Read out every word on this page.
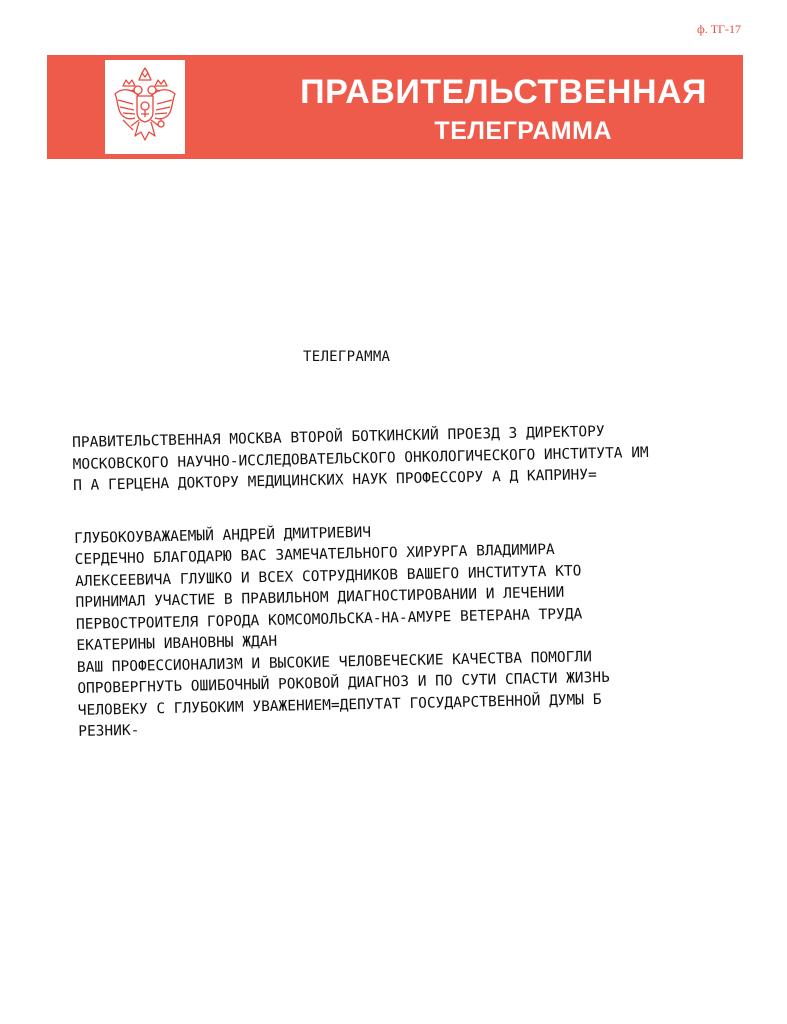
ф. ТГ-17
ПРАВИТЕЛЬСТВЕННАЯ
ТЕЛЕГРАММА
ТЕЛЕГРАММА
ПРАВИТЕЛЬСТВЕННАЯ МОСКВА ВТОРОЙ БОТКИНСКИЙ ПРОЕЗД 3 ДИРЕКТОРУ
МОСКОВСКОГО НАУЧНО-ИССЛЕДОВАТЕЛЬСКОГО ОНКОЛОГИЧЕСКОГО ИНСТИТУТА ИМ
П А ГЕРЦЕНА ДОКТОРУ МЕДИЦИНСКИХ НАУК ПРОФЕССОРУ А Д КАПРИНУ=
ГЛУБОКОУВАЖАЕМЫЙ АНДРЕЙ ДМИТРИЕВИЧ
СЕРДЕЧНО БЛАГОДАРЮ ВАС ЗАМЕЧАТЕЛЬНОГО ХИРУРГА ВЛАДИМИРА
АЛЕКСЕЕВИЧА ГЛУШКО И ВСЕХ СОТРУДНИКОВ ВАШЕГО ИНСТИТУТА КТО
ПРИНИМАЛ УЧАСТИЕ В ПРАВИЛЬНОМ ДИАГНОСТИРОВАНИИ И ЛЕЧЕНИИ
ПЕРВОСТРОИТЕЛЯ ГОРОДА КОМСОМОЛЬСКА-НА-АМУРЕ ВЕТЕРАНА ТРУДА
ЕКАТЕРИНЫ ИВАНОВНЫ ЖДАН
ВАШ ПРОФЕССИОНАЛИЗМ И ВЫСОКИЕ ЧЕЛОВЕЧЕСКИЕ КАЧЕСТВА ПОМОГЛИ
ОПРОВЕРГНУТЬ ОШИБОЧНЫЙ РОКОВОЙ ДИАГНОЗ И ПО СУТИ СПАСТИ ЖИЗНЬ
ЧЕЛОВЕКУ С ГЛУБОКИМ УВАЖЕНИЕМ=ДЕПУТАТ ГОСУДАРСТВЕННОЙ ДУМЫ Б
РЕЗНИК-
